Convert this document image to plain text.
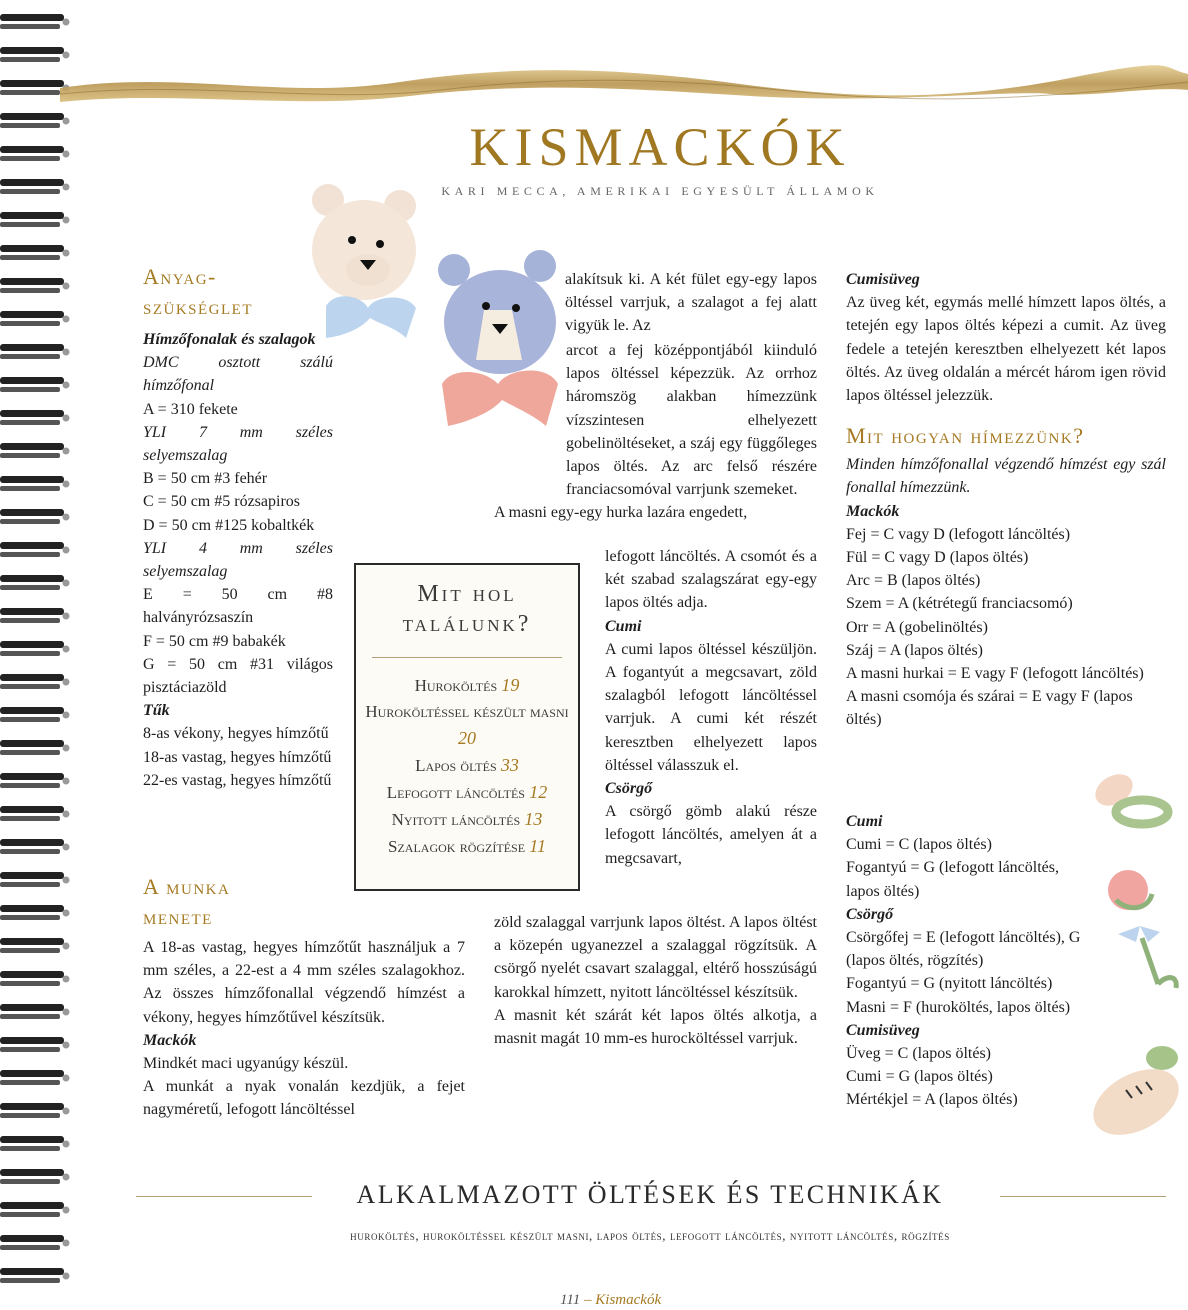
KISMACKÓK
KARI MECCA, AMERIKAI EGYESÜLT ÁLLAMOK

Anyag-

szükséglet

Hímzőfonalak és szalagok

DMC osztott szálú hímzőfonal

A = 310 fekete

YLI 7 mm széles selyemszalag

B = 50 cm #3 fehér

C = 50 cm #5 rózsapiros

D = 50 cm #125 kobaltkék

YLI 4 mm széles selyemszalag

E = 50 cm #8 halványrózsaszín

F = 50 cm #9 babakék

G = 50 cm #31 világos pisztáciazöld

Tűk

8-as vékony, hegyes hímzőtű

18-as vastag, hegyes hímzőtű

22-es vastag, hegyes hímzőtű

A munka

menete

A 18-as vastag, hegyes hímzőtűt használjuk a 7 mm széles, a 22-est a 4 mm széles szalagokhoz. Az összes hímzőfonallal végzendő hímzést a vékony, hegyes hímzőtűvel készítsük.

Mackók

Mindkét maci ugyanúgy készül.

A munkát a nyak vonalán kezdjük, a fejet nagyméretű, lefogott láncöltéssel

alakítsuk ki. A két fület egy-egy lapos öltéssel varrjuk, a szalagot a fej alatt vigyük le. Az

arcot a fej középpontjából kiinduló lapos öltéssel képezzük. Az orrhoz háromszög alakban hímezzünk vízszintesen elhelyezett gobelinöltéseket, a száj egy függőleges lapos öltés. Az arc felső részére franciacsomóval varrjunk szemeket.

A masni egy-egy hurka lazára engedett,

lefogott láncöltés. A csomót és a két szabad szalagszárat egy-egy lapos öltés adja.

Cumi

A cumi lapos öltéssel készüljön. A fogantyút a megcsavart, zöld szalagból lefogott láncöltéssel varrjuk. A cumi két részét keresztben elhelyezett lapos öltéssel válasszuk el.

Csörgő

A csörgő gömb alakú része lefogott láncöltés, amelyen át a megcsavart,

zöld szalaggal varrjunk lapos öltést. A lapos öltést a közepén ugyanezzel a szalaggal rögzítsük. A csörgő nyelét csavart szalaggal, eltérő hosszúságú karokkal hímzett, nyitott láncöltéssel készítsük.

A masnit két szárát két lapos öltés alkotja, a masnit magát 10 mm-es hurocköltéssel varrjuk.

Mit hol
találunk?
Huroköltés 19
Huroköltéssel készült masni 20
Lapos öltés 33
Lefogott láncöltés 12
Nyitott láncöltés 13
Szalagok rögzítése 11

Cumisüveg

Az üveg két, egymás mellé hímzett lapos öltés, a tetején egy lapos öltés képezi a cumit. Az üveg fedele a tetején keresztben elhelyezett két lapos öltés. Az üveg oldalán a mércét három igen rövid lapos öltéssel jelezzük.

Mit hogyan hímezzünk?

Minden hímzőfonallal végzendő hímzést egy szál fonallal hímezzünk.

Mackók

Fej = C vagy D (lefogott láncöltés)

Fül = C vagy D (lapos öltés)

Arc = B (lapos öltés)

Szem = A (kétrétegű franciacsomó)

Orr = A (gobelinöltés)

Száj = A (lapos öltés)

A masni hurkai = E vagy F (lefogott láncöltés)

A masni csomója és szárai = E vagy F (lapos öltés)

Cumi

Cumi = C (lapos öltés)

Fogantyú = G (lefogott láncöltés, lapos öltés)

Csörgő

Csörgőfej = E (lefogott láncöltés), G (lapos öltés, rögzítés)

Fogantyú = G (nyitott láncöltés)

Masni = F (huroköltés, lapos öltés)

Cumisüveg

Üveg = C (lapos öltés)

Cumi = G (lapos öltés)

Mértékjel = A (lapos öltés)

ALKALMAZOTT ÖLTÉSEK ÉS TECHNIKÁK
huroköltés, huroköltéssel készült masni, lapos öltés, lefogott láncöltés, nyitott láncöltés, rögzítés
111 – Kismackók
